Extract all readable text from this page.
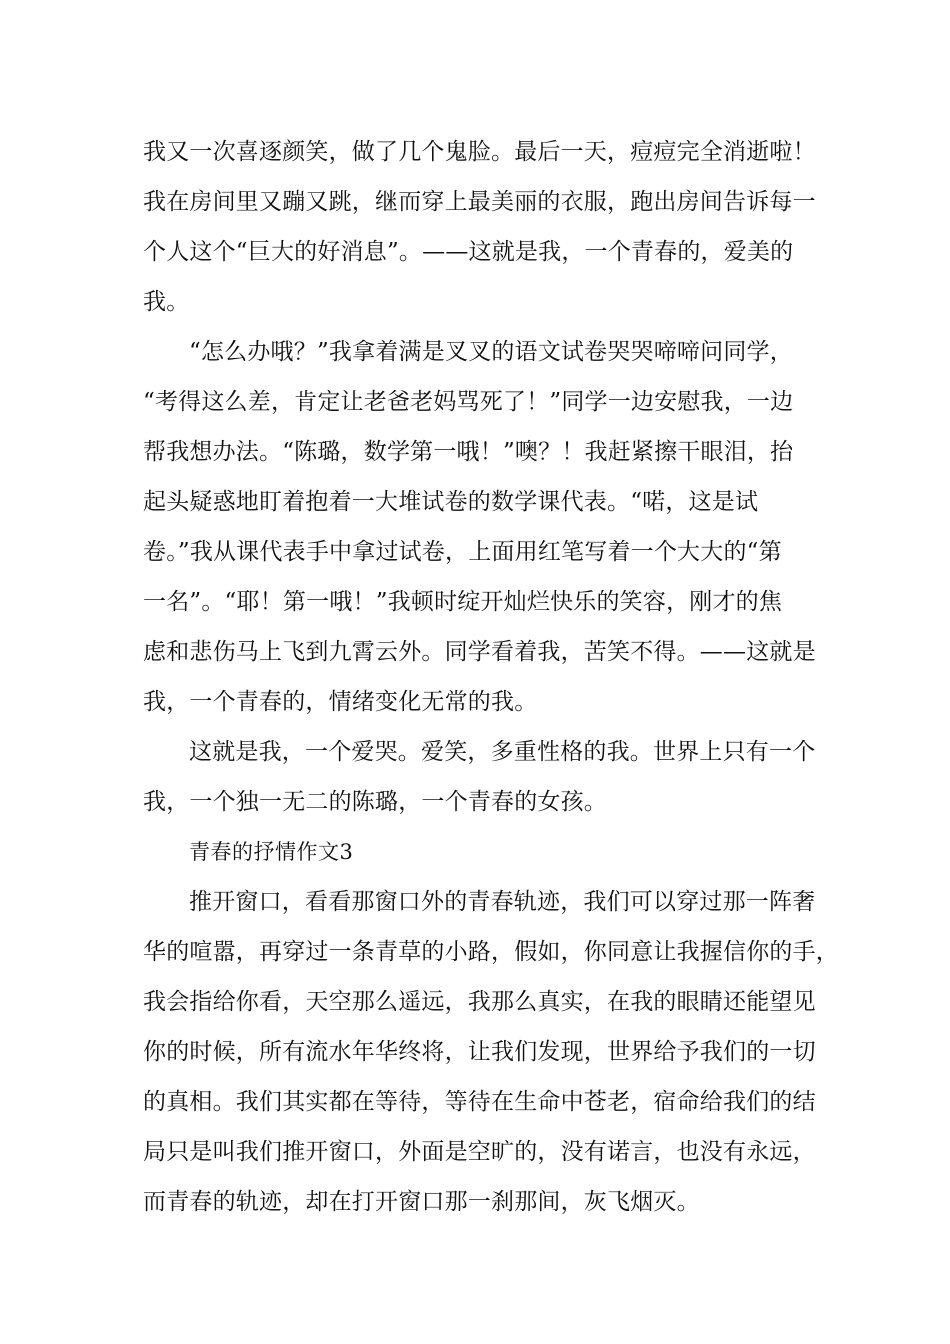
我又一次喜逐颜笑，做了几个鬼脸。最后一天，痘痘完全消逝啦！
我在房间里又蹦又跳，继而穿上最美丽的衣服，跑出房间告诉每一
个人这个“巨大的好消息”。——这就是我，一个青春的，爱美的
我。
“怎么办哦？”我拿着满是叉叉的语文试卷哭哭啼啼问同学，
“考得这么差，肯定让老爸老妈骂死了！”同学一边安慰我，一边
帮我想办法。“陈璐，数学第一哦！”噢？！我赶紧擦干眼泪，抬
起头疑惑地盯着抱着一大堆试卷的数学课代表。“喏，这是试
卷。”我从课代表手中拿过试卷，上面用红笔写着一个大大的“第
一名”。“耶！第一哦！”我顿时绽开灿烂快乐的笑容，刚才的焦
虑和悲伤马上飞到九霄云外。同学看着我，苦笑不得。——这就是
我，一个青春的，情绪变化无常的我。
这就是我，一个爱哭。爱笑，多重性格的我。世界上只有一个
我，一个独一无二的陈璐，一个青春的女孩。
青春的抒情作文3
推开窗口，看看那窗口外的青春轨迹，我们可以穿过那一阵奢
华的喧嚣，再穿过一条青草的小路，假如，你同意让我握信你的手，
我会指给你看，天空那么遥远，我那么真实，在我的眼睛还能望见
你的时候，所有流水年华终将，让我们发现，世界给予我们的一切
的真相。我们其实都在等待，等待在生命中苍老，宿命给我们的结
局只是叫我们推开窗口，外面是空旷的，没有诺言，也没有永远，
而青春的轨迹，却在打开窗口那一刹那间，灰飞烟灭。
